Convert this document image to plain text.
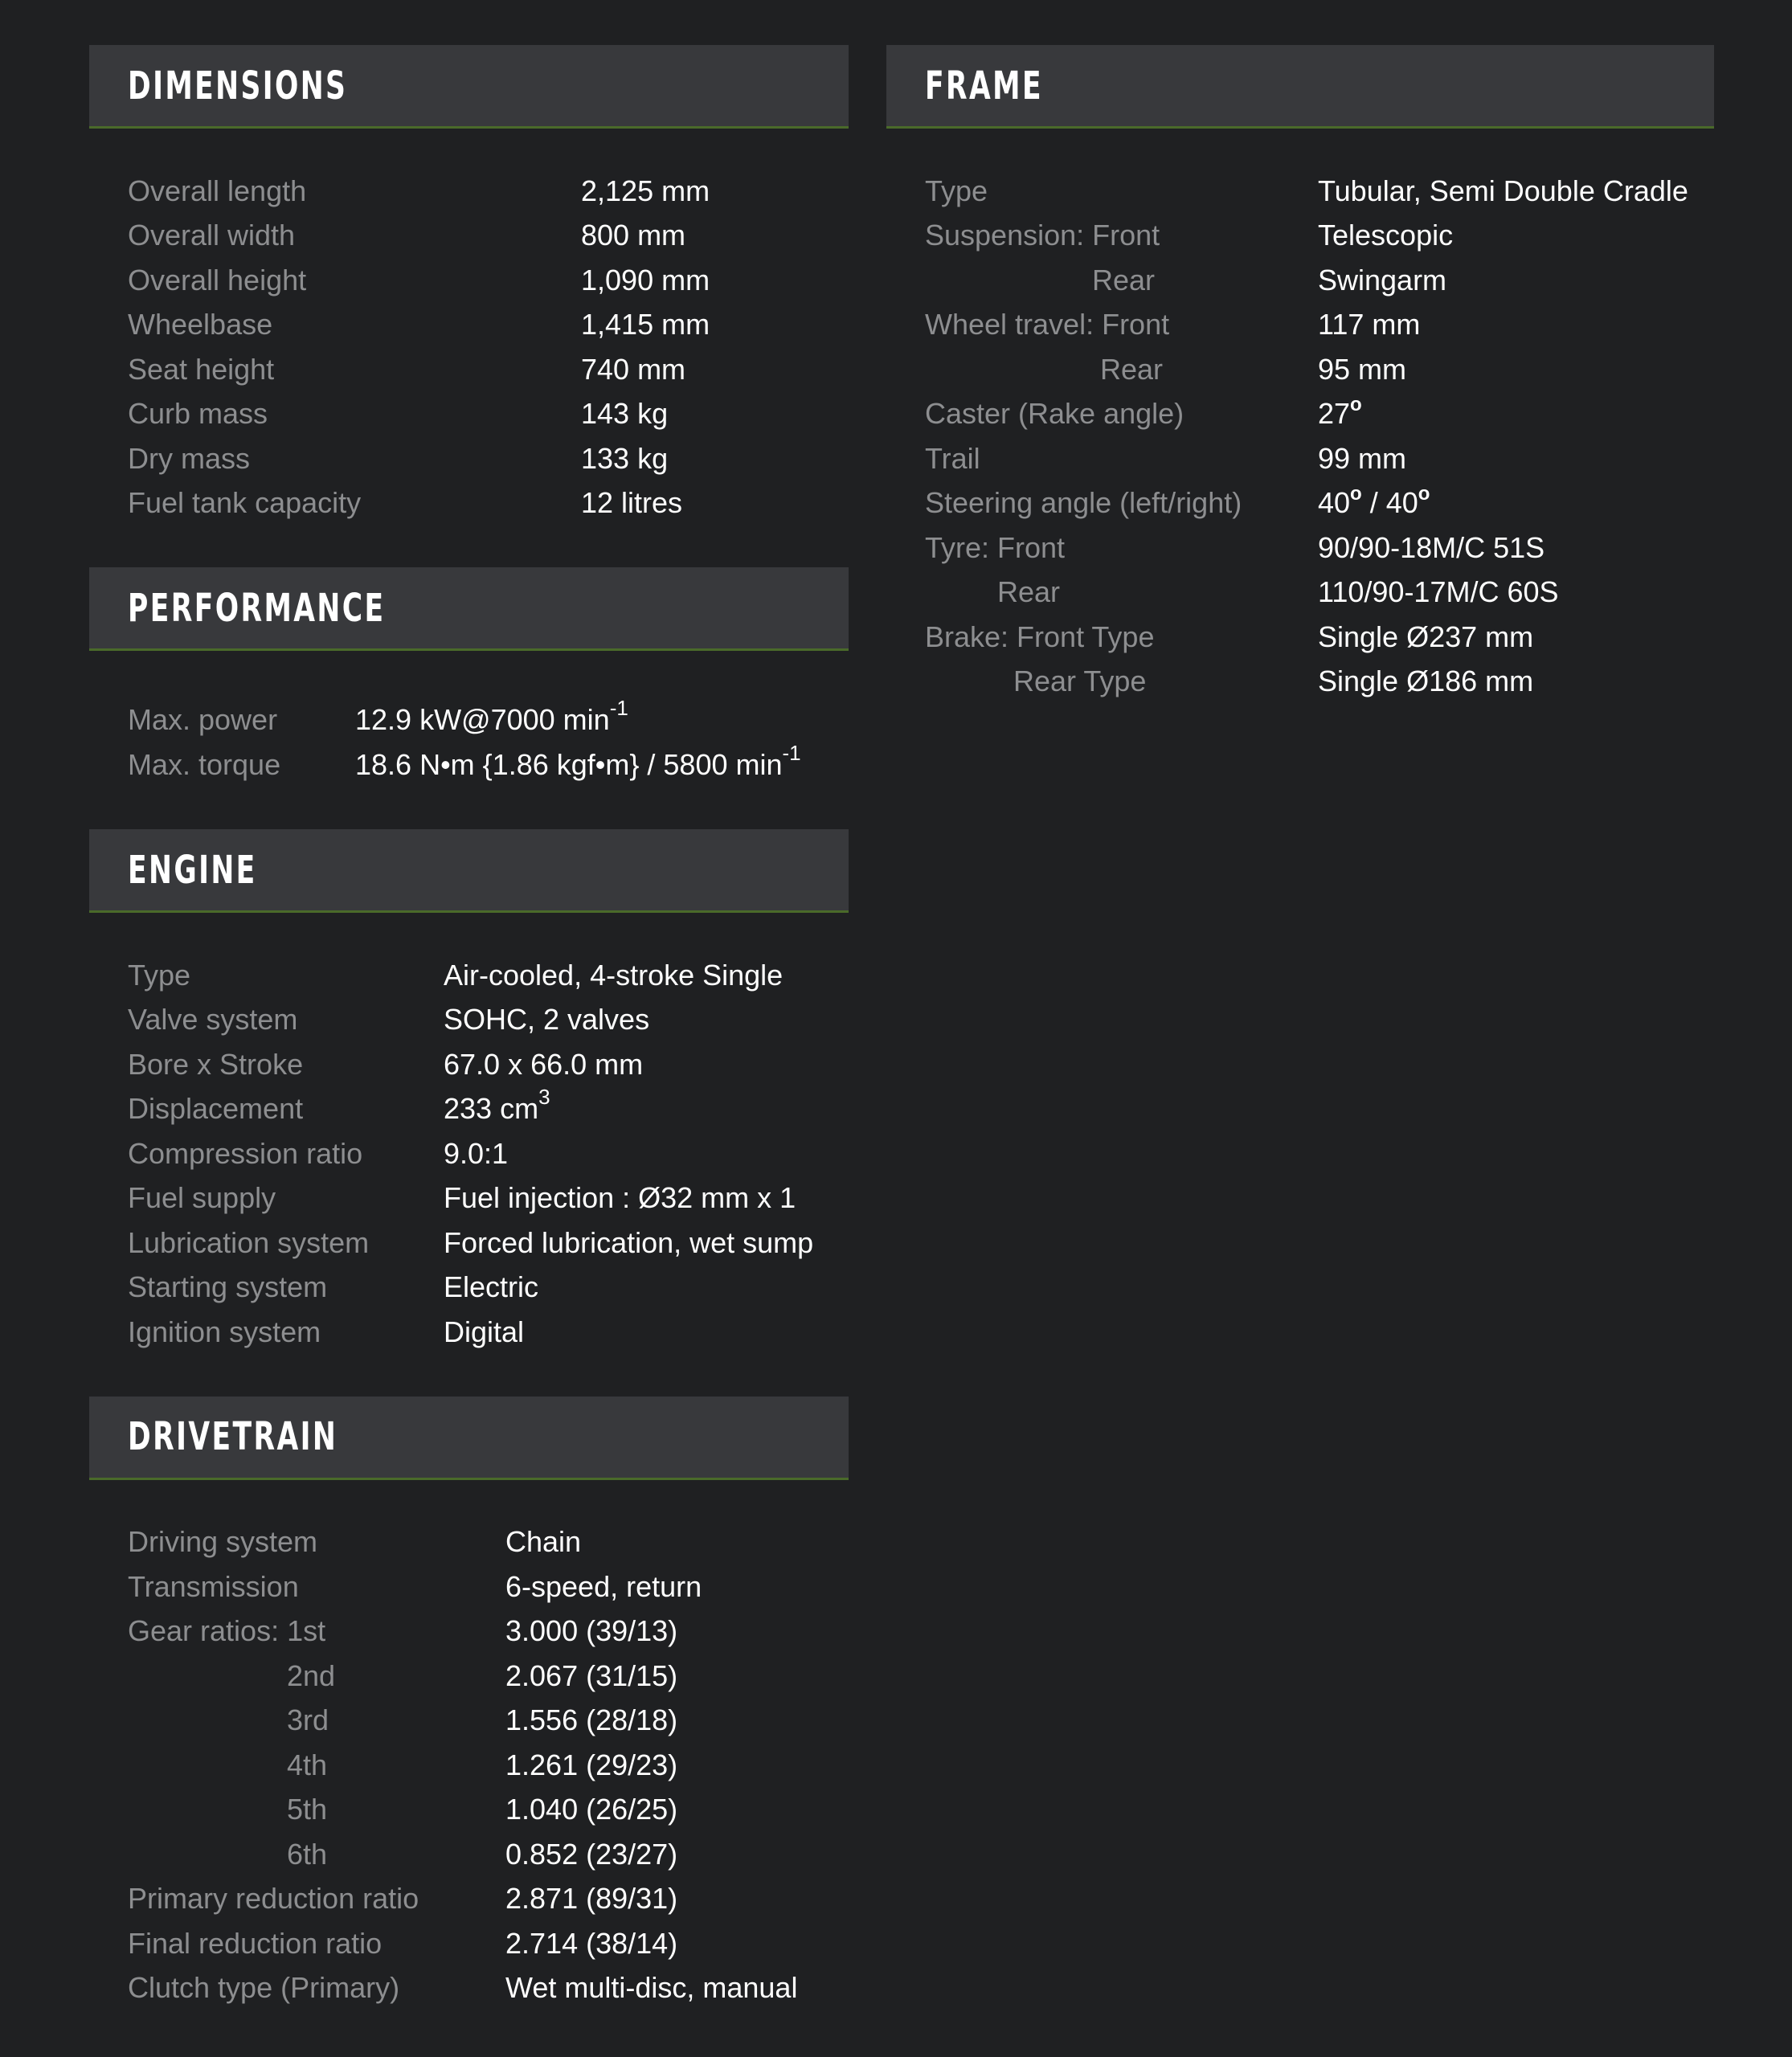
DIMENSIONS
Overall length	2,125 mm
Overall width	800 mm
Overall height	1,090 mm
Wheelbase	1,415 mm
Seat height	740 mm
Curb mass	143 kg
Dry mass	133 kg
Fuel tank capacity	12 litres
PERFORMANCE
Max. power	12.9 kW@7000 $\min^{-1}$
Max. torque	18.6 N•m {1.86 kgf•m} / 5800 $\min^{-1}$
ENGINE
Type	Air-cooled, 4-stroke Single
Valve system	SOHC, 2 valves
Bore x Stroke	67.0 x 66.0 mm
Displacement	233 $cm^3$
Compression ratio	9.0:1
Fuel supply	Fuel injection : Ø32 mm x 1
Lubrication system	Forced lubrication, wet sump
Starting system	Electric
Ignition system	Digital
DRIVETRAIN
Driving system	Chain
Transmission	6-speed, return
Gear ratios: 1st	3.000 (39/13)
2nd	2.067 (31/15)
3rd	1.556 (28/18)
4th	1.261 (29/23)
5th	1.040 (26/25)
6th	0.852 (23/27)
Primary reduction ratio	2.871 (89/31)
Final reduction ratio	2.714 (38/14)
Clutch type (Primary)	Wet multi-disc, manual
FRAME
Type	Tubular, Semi Double Cradle
Suspension: Front	Telescopic
Rear	Swingarm
Wheel travel: Front	117 mm
Rear	95 mm
Caster (Rake angle)	27$^o$
Trail	99 mm
Steering angle (left/right)	40$^o$ / 40$^o$
Tyre: Front	90/90-18M/C 51S
Rear	110/90-17M/C 60S
Brake: Front Type	Single Ø237 mm
Rear Type	Single Ø186 mm
